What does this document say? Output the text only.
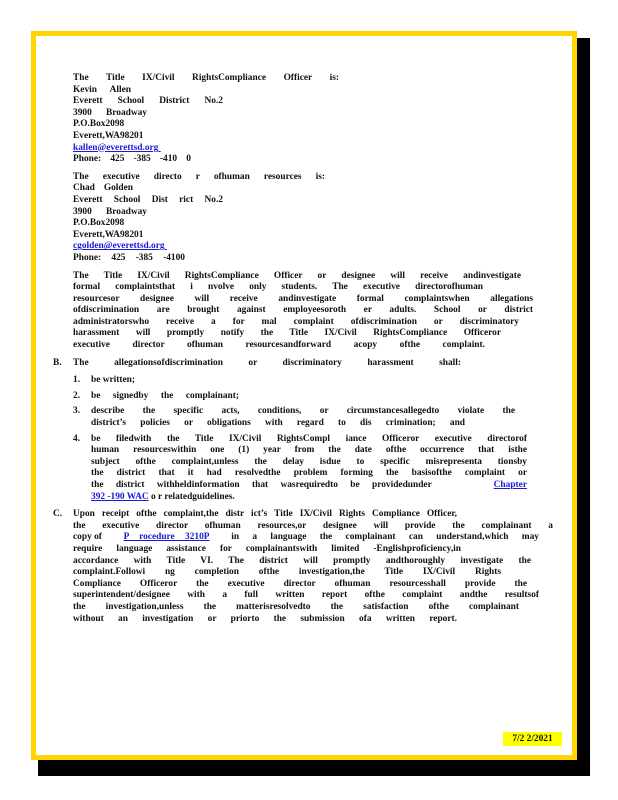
The Title IX/Civil RightsCompliance Officer is:
Kevin Allen
Everett School District No.2
3900 Broadway
P.O.Box2098
Everett,WA98201
kallen@everettsd.org
Phone: 425 -385 -410 0
The executive directo r ofhuman resources is:
Chad Golden
Everett School Dist rict No.2
3900 Broadway
P.O.Box2098
Everett,WA98201
cgolden@everettsd.org
Phone: 425 -385 -4100
The Title IX/Civil RightsCompliance Officer or designee will receive andinvestigate
formal complaintsthat i nvolve only students. The executive directorofhuman
resourcesor designee will receive andinvestigate formal complaintswhen allegations
ofdiscrimination are brought against employeesoroth er adults. School or district
administratorswho receive a for mal complaint ofdiscrimination or discriminatory
harassment will promptly notify the Title IX/Civil RightsCompliance Officeror
executive director ofhuman resourcesandforward acopy ofthe complaint.
B. The allegationsofdiscrimination or discriminatory harassment shall:
1. be written;
2. be signedby the complainant;
3. describe the specific acts, conditions, or circumstancesallegedto violate the
district’s policies or obligations with regard to dis crimination; and
4. be filedwith the Title IX/Civil RightsCompl iance Officeror executive directorof
human resourceswithin one (1) year from the date ofthe occurrence that isthe
subject ofthe complaint,unless the delay isdue to specific misrepresenta tionsby
the district that it had resolvedthe problem forming the basisofthe complaint or
the district withheldinformation that wasrequiredto be providedunder	Chapter
392 -190 WAC o r relatedguidelines.
C. Upon receipt ofthe complaint,the distr ict’s Title IX/Civil Rights Compliance Officer,
the executive director ofhuman resources,or designee will provide the complainant a
copy of P rocedure 3210P in a language the complainant can understand,which may
require language assistance for complainantswith limited -Englishproficiency,in
accordance with Title VI. The district will promptly andthoroughly investigate the
complaint.Followi ng completion ofthe investigation,the Title IX/Civil Rights
Compliance Officeror the executive director ofhuman resourcesshall provide the
superintendent/designee with a full written report ofthe complaint andthe resultsof
the investigation,unless the matterisresolvedto the satisfaction ofthe complainant
without an investigation or priorto the submission ofa written report.
7/2 2/2021
